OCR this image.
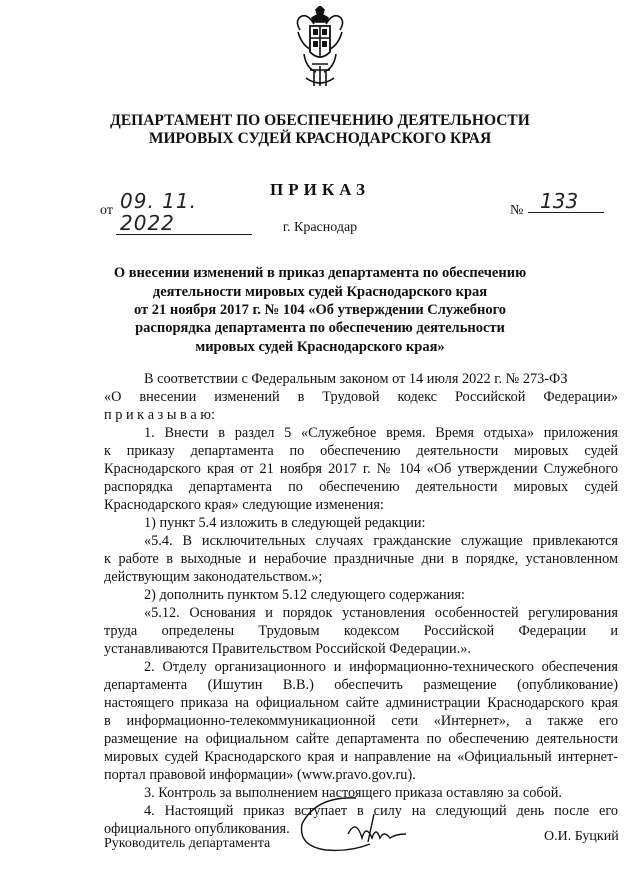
ДЕПАРТАМЕНТ ПО ОБЕСПЕЧЕНИЮ ДЕЯТЕЛЬНОСТИ
МИРОВЫХ СУДЕЙ КРАСНОДАРСКОГО КРАЯ
ПРИКАЗ
от 09. 11. 2022
№ 133
г. Краснодар
О внесении изменений в приказ департамента по обеспечению
деятельности мировых судей Краснодарского края
от 21 ноября 2017 г. № 104 «Об утверждении Служебного
распорядка департамента по обеспечению деятельности
мировых судей Краснодарского края»
В соответствии с Федеральным законом от 14 июля 2022 г. № 273-ФЗ
«О внесении изменений в Трудовой кодекс Российской Федерации»
п р и к а з ы в а ю:
1. Внести в раздел 5 «Служебное время. Время отдыха» приложения
к приказу департамента по обеспечению деятельности мировых судей
Краснодарского края от 21 ноября 2017 г. № 104 «Об утверждении Служебного
распорядка департамента по обеспечению деятельности мировых судей
Краснодарского края» следующие изменения:
1) пункт 5.4 изложить в следующей редакции:
«5.4. В исключительных случаях гражданские служащие привлекаются
к работе в выходные и нерабочие праздничные дни в порядке, установленном
действующим законодательством.»;
2) дополнить пунктом 5.12 следующего содержания:
«5.12. Основания и порядок установления особенностей регулирования
труда определены Трудовым кодексом Российской Федерации и
устанавливаются Правительством Российской Федерации.».
2. Отделу организационного и информационно-технического обеспечения
департамента (Ишутин В.В.) обеспечить размещение (опубликование)
настоящего приказа на официальном сайте администрации Краснодарского края
в информационно-телекоммуникационной сети «Интернет», а также его
размещение на официальном сайте департамента по обеспечению деятельности
мировых судей Краснодарского края и направление на «Официальный интернет-
портал правовой информации» (www.pravo.gov.ru).
3. Контроль за выполнением настоящего приказа оставляю за собой.
4. Настоящий приказ вступает в силу на следующий день после его
официального опубликования.
Руководитель департамента	О.И. Буцкий
